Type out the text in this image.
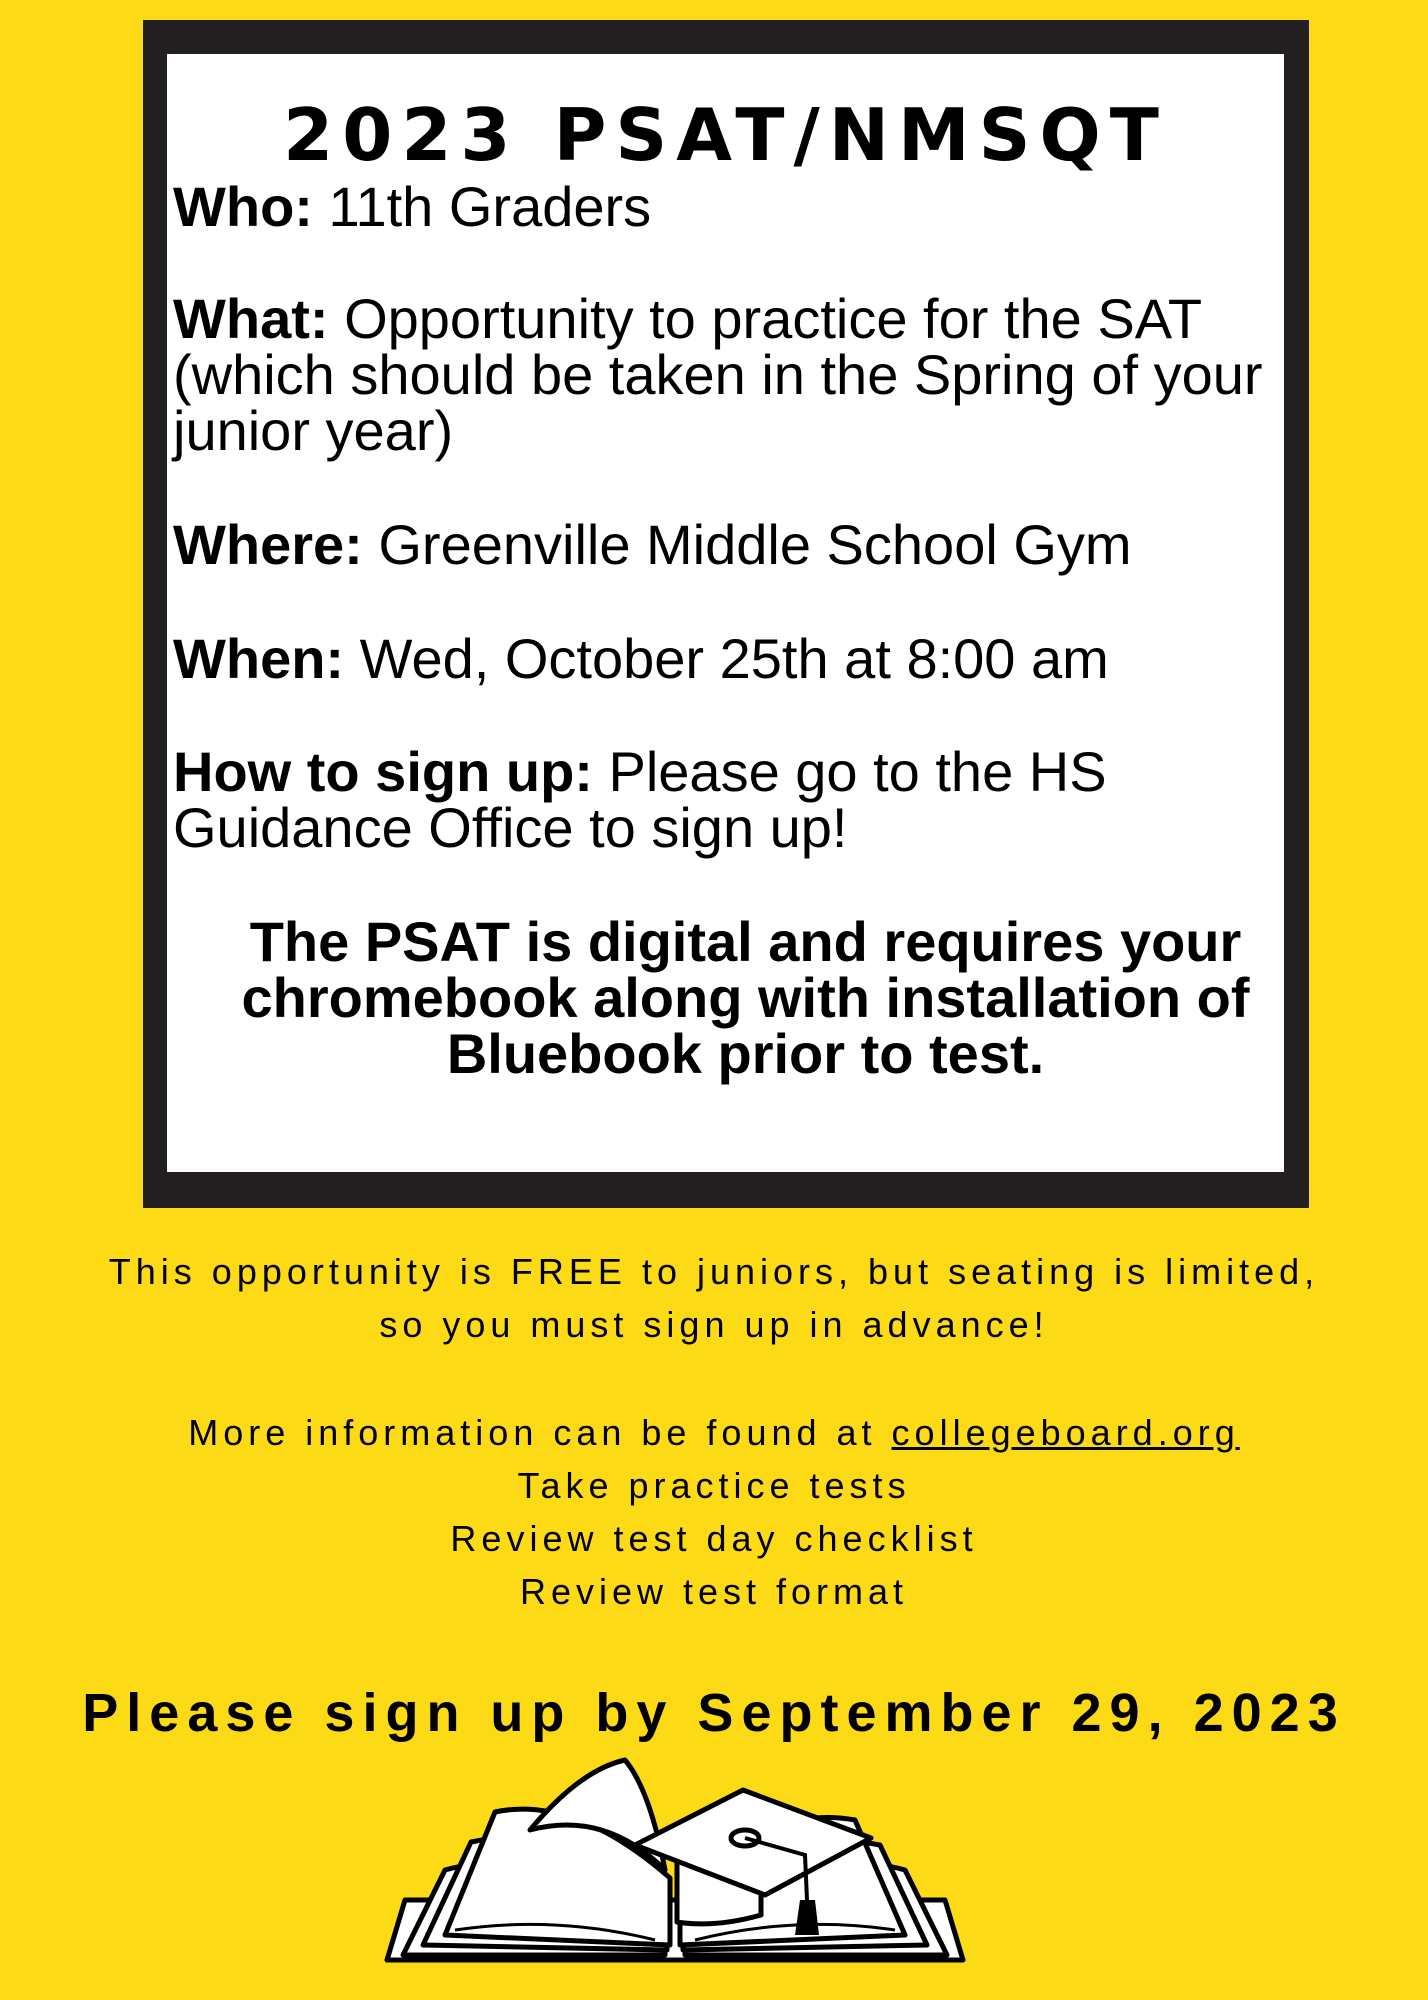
2023 PSAT/NMSQT
Who: 11th Graders
What: Opportunity to practice for the SAT (which should be taken in the Spring of your junior year)
Where: Greenville Middle School Gym
When: Wed, October 25th at 8:00 am
How to sign up: Please go to the HS Guidance Office to sign up!
The PSAT is digital and requires your chromebook along with installation of Bluebook prior to test.
This opportunity is FREE to juniors, but seating is limited,
so you must sign up in advance!
More information can be found at collegeboard.org
Take practice tests
Review test day checklist
Review test format
Please sign up by September 29, 2023
